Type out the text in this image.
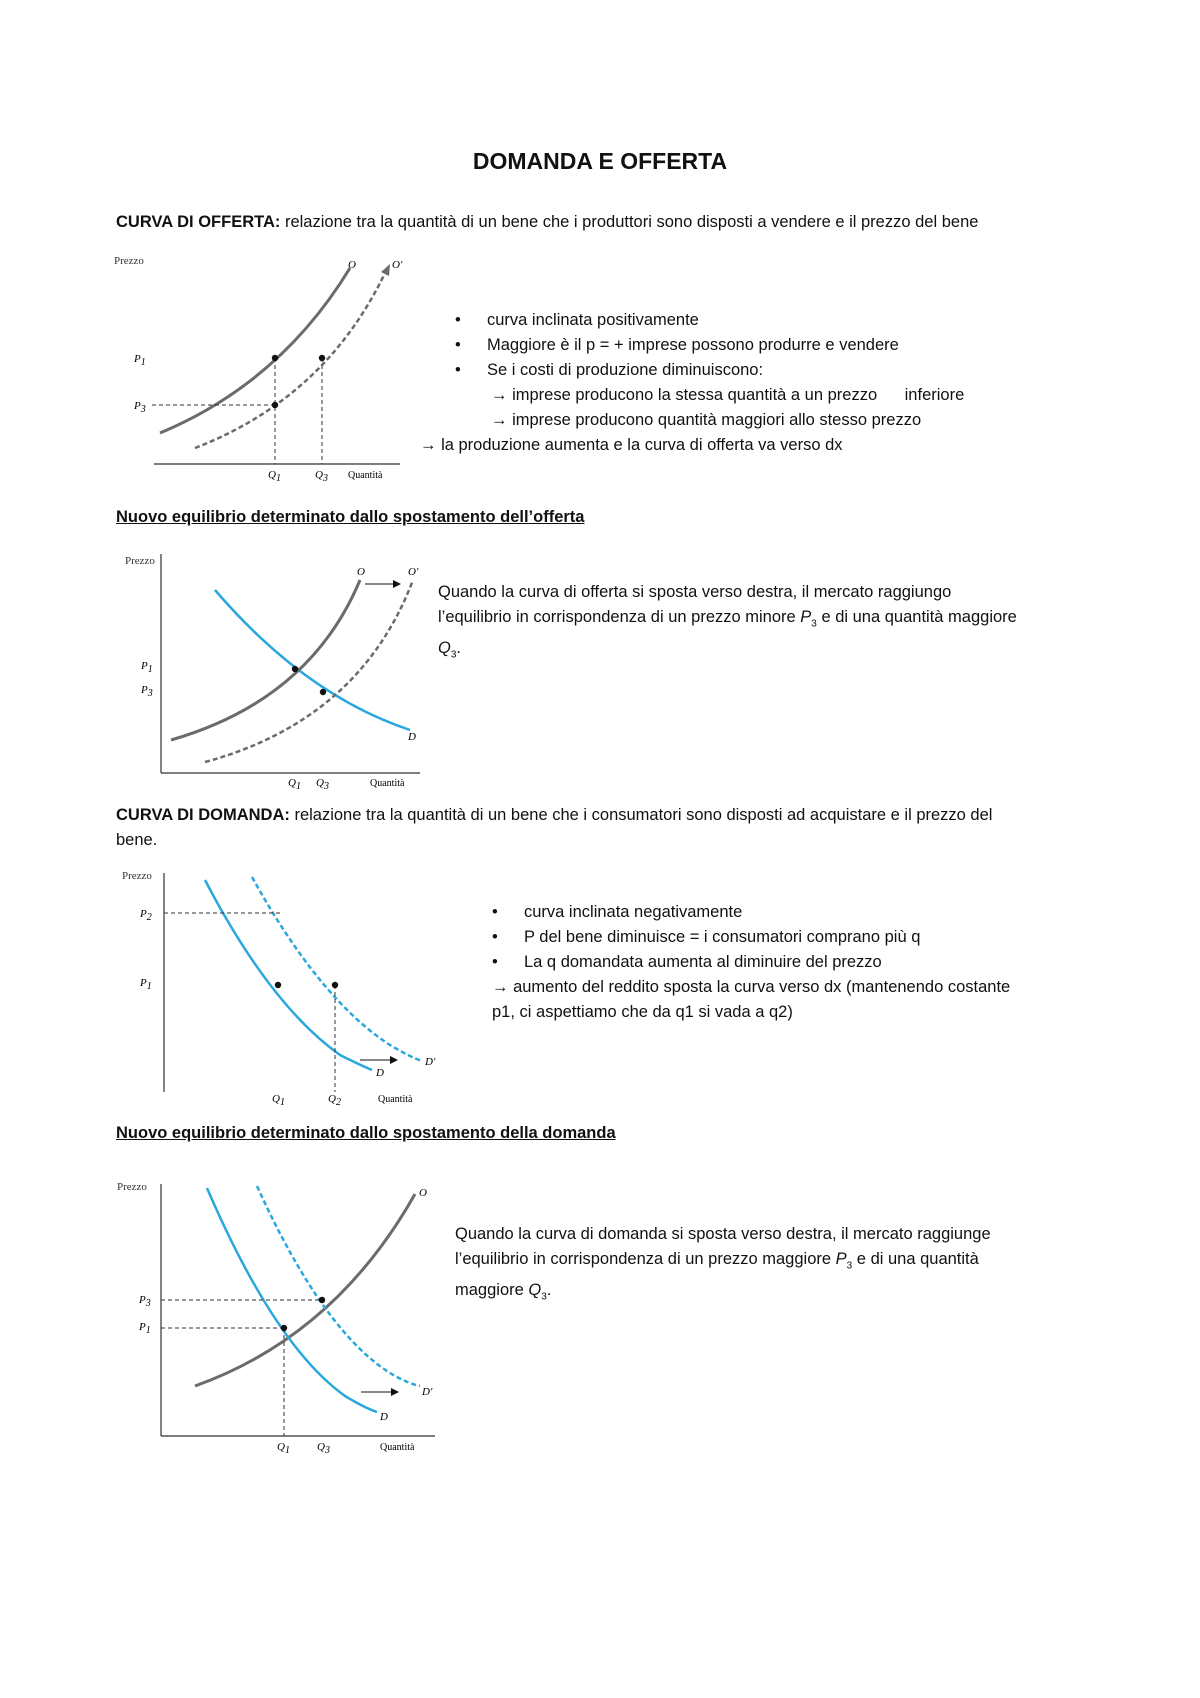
DOMANDA E OFFERTA
CURVA DI OFFERTA: relazione tra la quantità di un bene che i produttori sono disposti a vendere e il prezzo del bene
Prezzo	O	O'
P1
P3
Q1	Q3 Quantità
• curva inclinata positivamente
• Maggiore è il p = + imprese possono produrre e vendere
• Se i costi di produzione diminuiscono:
→ imprese producono la stessa quantità a un prezzo      inferiore
→ imprese producono quantità maggiori allo stesso prezzo
→ la produzione aumenta e la curva di offerta va verso dx
Nuovo equilibrio determinato dallo spostamento dell’offerta
Prezzo
O	O'
D
P1
P3
Q1 Q3	Quantità
Quando la curva di offerta si sposta verso destra, il mercato raggiungo
l’equilibrio in corrispondenza di un prezzo minore $P_3$ e di una quantità maggiore
$Q_3$.
CURVA DI DOMANDA: relazione tra la quantità di un bene che i consumatori sono disposti ad acquistare e il prezzo del
bene.
Prezzo
D
D'
P2
P1
Q1	Q2	Quantità
• curva inclinata negativamente
• P del bene diminuisce = i consumatori comprano più q
• La q domandata aumenta al diminuire del prezzo
→ aumento del reddito sposta la curva verso dx (mantenendo costante
p1, ci aspettiamo che da q1 si vada a q2)
Nuovo equilibrio determinato dallo spostamento della domanda
Prezzo	O
D
D'
P3
P1
Q1 Q3	Quantità
Quando la curva di domanda si sposta verso destra, il mercato raggiunge
l’equilibrio in corrispondenza di un prezzo maggiore $P_3$ e di una quantità
maggiore $Q_3$.
